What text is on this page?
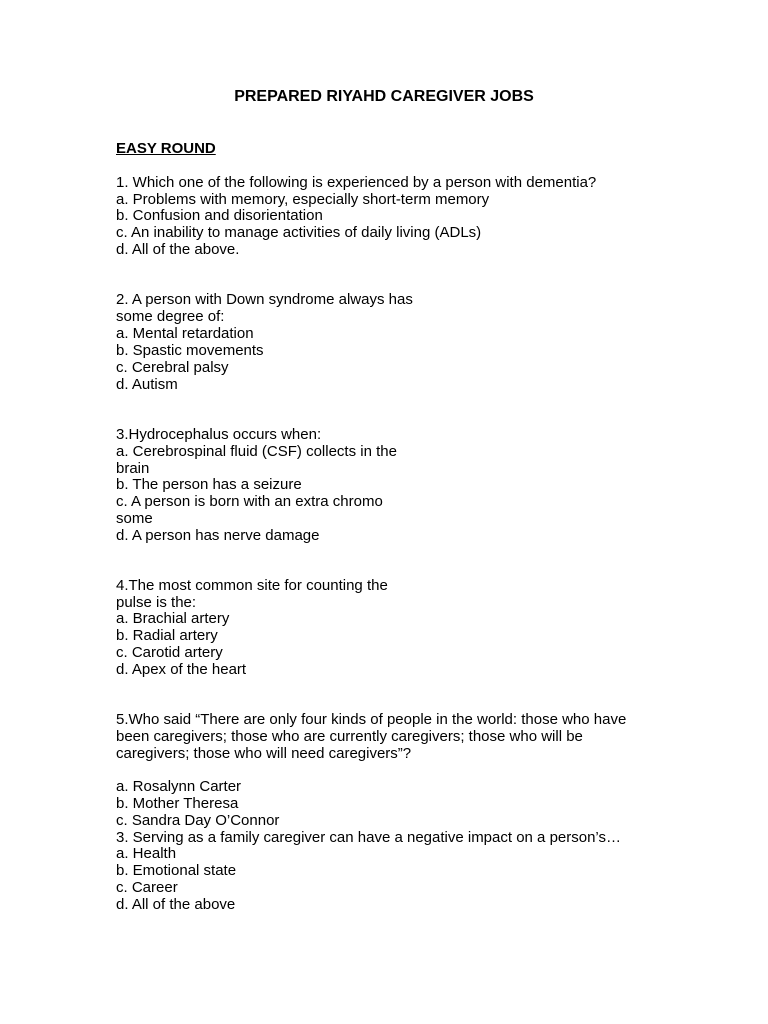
PREPARED RIYAHD CAREGIVER JOBS
EASY ROUND
1. Which one of the following is experienced by a person with dementia?
a. Problems with memory, especially short-term memory
b. Confusion and disorientation
c. An inability to manage activities of daily living (ADLs)
d. All of the above.
2. A person with Down syndrome always has
some degree of:
a. Mental retardation
b. Spastic movements
c. Cerebral palsy
d. Autism
3.Hydrocephalus occurs when:
a. Cerebrospinal fluid (CSF) collects in the
brain
b. The person has a seizure
c. A person is born with an extra chromo
some
d. A person has nerve damage
4.The most common site for counting the
pulse is the:
a. Brachial artery
b. Radial artery
c. Carotid artery
d. Apex of the heart
5.Who said “There are only four kinds of people in the world: those who have
been caregivers; those who are currently caregivers; those who will be
caregivers; those who will need caregivers”?
a. Rosalynn Carter
b. Mother Theresa
c. Sandra Day O’Connor
3. Serving as a family caregiver can have a negative impact on a person’s…
a. Health
b. Emotional state
c. Career
d. All of the above
